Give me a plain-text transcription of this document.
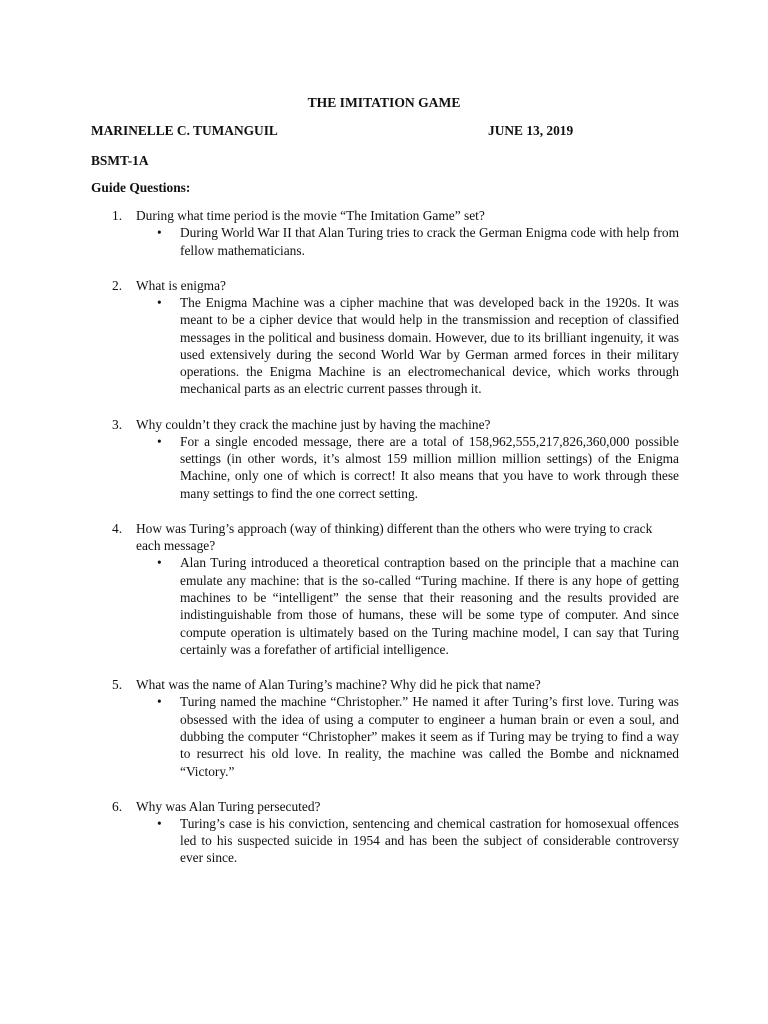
THE IMITATION GAME
MARINELLE C. TUMANGUIL	JUNE 13, 2019
BSMT-1A
Guide Questions:
1. During what time period is the movie “The Imitation Game” set?
• During World War II that Alan Turing tries to crack the German Enigma code with help from fellow mathematicians.
2. What is enigma?
• The Enigma Machine was a cipher machine that was developed back in the 1920s. It was meant to be a cipher device that would help in the transmission and reception of classified messages in the political and business domain. However, due to its brilliant ingenuity, it was used extensively during the second World War by German armed forces in their military operations. the Enigma Machine is an electromechanical device, which works through mechanical parts as an electric current passes through it.
3. Why couldn’t they crack the machine just by having the machine?
• For a single encoded message, there are a total of 158,962,555,217,826,360,000 possible settings (in other words, it’s almost 159 million million million settings) of the Enigma Machine, only one of which is correct! It also means that you have to work through these many settings to find the one correct setting.
4. How was Turing’s approach (way of thinking) different than the others who were trying to crack each message?
• Alan Turing introduced a theoretical contraption based on the principle that a machine can emulate any machine: that is the so-called “Turing machine. If there is any hope of getting machines to be “intelligent” the sense that their reasoning and the results provided are indistinguishable from those of humans, these will be some type of computer. And since compute operation is ultimately based on the Turing machine model, I can say that Turing certainly was a forefather of artificial intelligence.
5. What was the name of Alan Turing’s machine? Why did he pick that name?
• Turing named the machine “Christopher.” He named it after Turing’s first love. Turing was obsessed with the idea of using a computer to engineer a human brain or even a soul, and dubbing the computer “Christopher” makes it seem as if Turing may be trying to find a way to resurrect his old love. In reality, the machine was called the Bombe and nicknamed “Victory.”
6. Why was Alan Turing persecuted?
• Turing’s case is his conviction, sentencing and chemical castration for homosexual offences led to his suspected suicide in 1954 and has been the subject of considerable controversy ever since.
